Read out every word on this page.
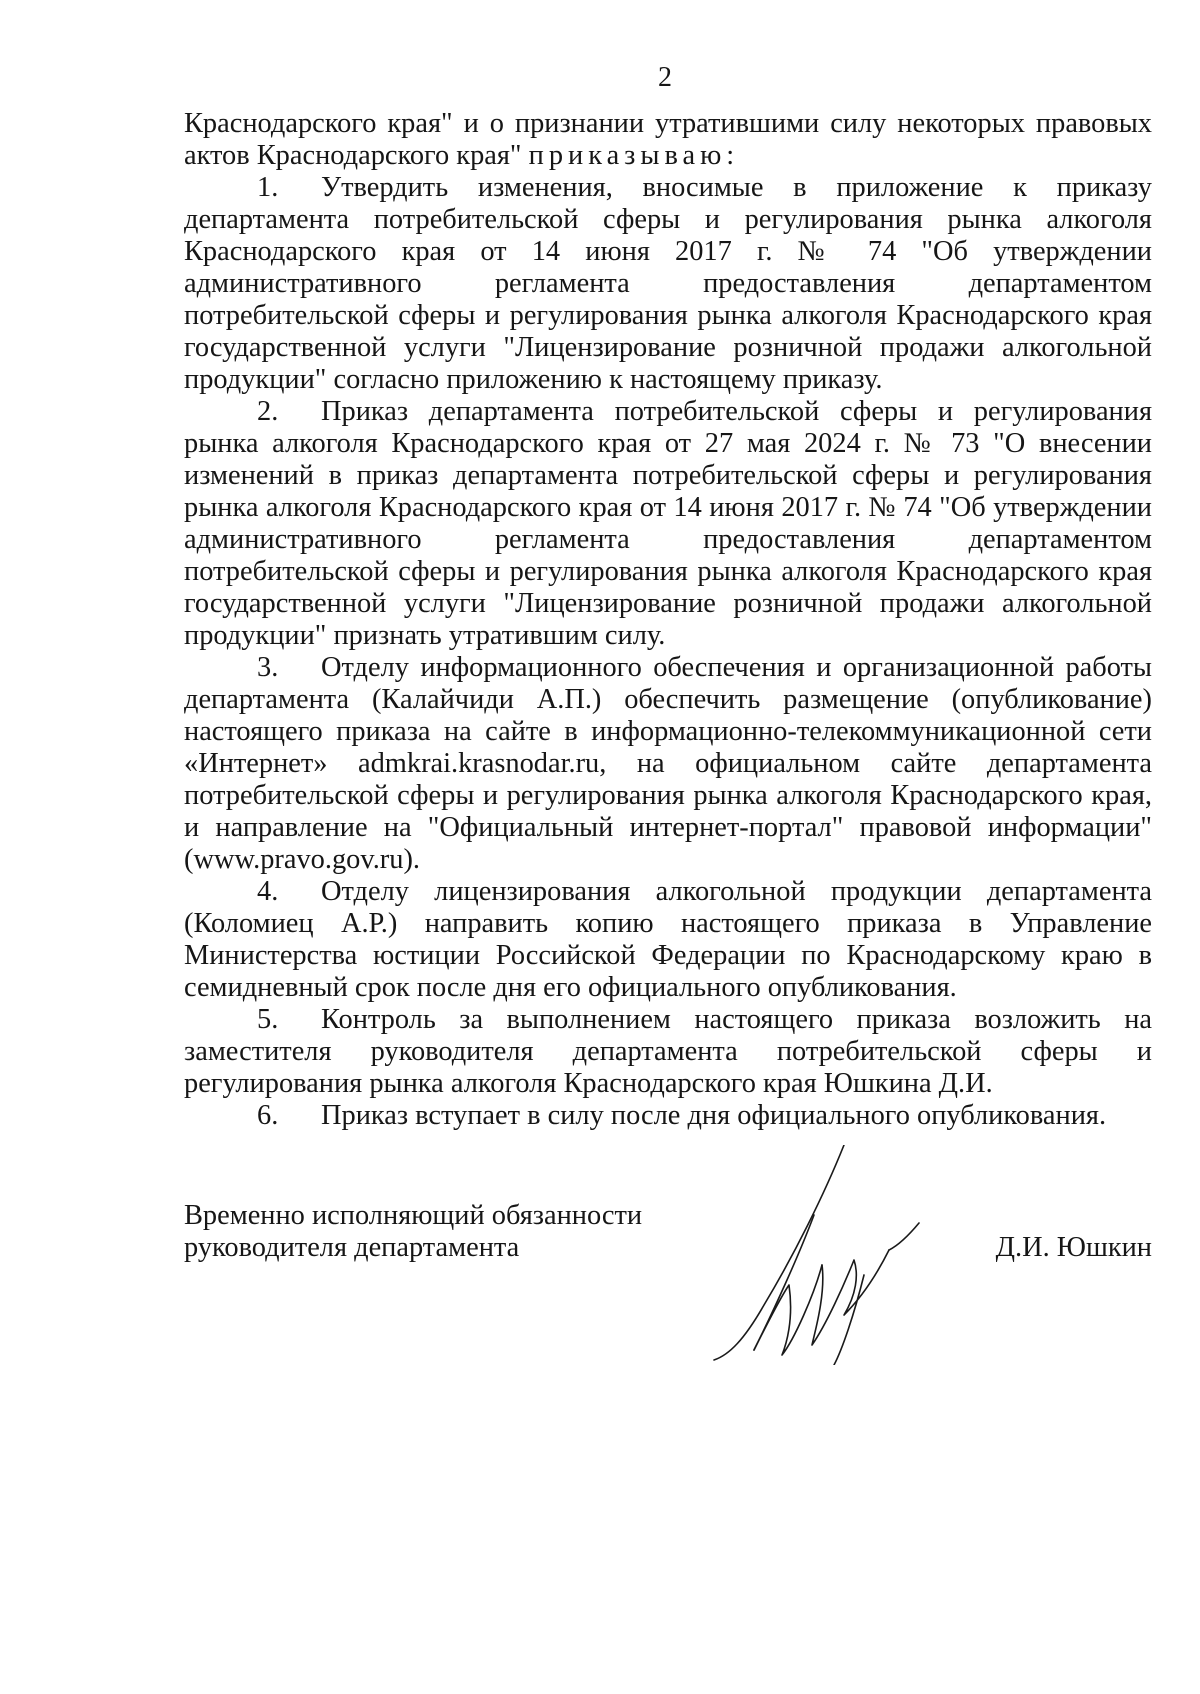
2

Краснодарского края" и о признании утратившими силу некоторых правовых актов Краснодарского края" приказываю:

1. Утвердить изменения, вносимые в приложение к приказу департамента потребительской сферы и регулирования рынка алкоголя Краснодарского края от 14 июня 2017 г. № 74 "Об утверждении административного регламента предоставления департаментом потребительской сферы и регулирования рынка алкоголя Краснодарского края государственной услуги "Лицензирование розничной продажи алкогольной продукции" согласно приложению к настоящему приказу.

2. Приказ департамента потребительской сферы и регулирования рынка алкоголя Краснодарского края от 27 мая 2024 г. № 73 "О внесении изменений в приказ департамента потребительской сферы и регулирования рынка алкоголя Краснодарского края от 14 июня 2017 г. № 74 "Об утверждении административного регламента предоставления департаментом потребительской сферы и регулирования рынка алкоголя Краснодарского края государственной услуги "Лицензирование розничной продажи алкогольной продукции" признать утратившим силу.

3. Отделу информационного обеспечения и организационной работы департамента (Калайчиди А.П.) обеспечить размещение (опубликование) настоящего приказа на сайте в информационно-телекоммуникационной сети «Интернет» admkrai.krasnodar.ru, на официальном сайте департамента потребительской сферы и регулирования рынка алкоголя Краснодарского края, и направление на "Официальный интернет-портал" правовой информации" (www.pravo.gov.ru).

4. Отделу лицензирования алкогольной продукции департамента (Коломиец А.Р.) направить копию настоящего приказа в Управление Министерства юстиции Российской Федерации по Краснодарскому краю в семидневный срок после дня его официального опубликования.

5. Контроль за выполнением настоящего приказа возложить на заместителя руководителя департамента потребительской сферы и регулирования рынка алкоголя Краснодарского края Юшкина Д.И.

6. Приказ вступает в силу после дня официального опубликования.

Временно исполняющий обязанности
руководителя департамента	Д.И. Юшкин
